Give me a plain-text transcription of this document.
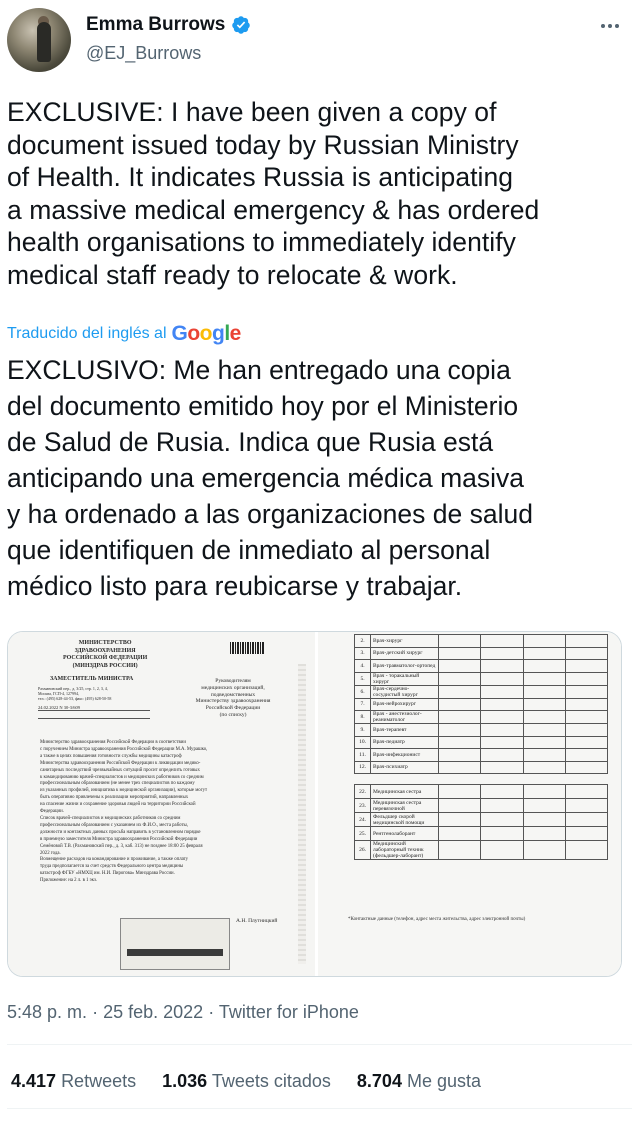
Emma Burrows
@EJ_Burrows
EXCLUSIVE: I have been given a copy of
document issued today by Russian Ministry
of Health. It indicates Russia is anticipating
a massive medical emergency & has ordered
health organisations to immediately identify
medical staff ready to relocate & work.
Traducido del inglés al Google
EXCLUSIVO: Me han entregado una copia
del documento emitido hoy por el Ministerio
de Salud de Rusia. Indica que Rusia está
anticipando una emergencia médica masiva
y ha ordenado a las organizaciones de salud
que identifiquen de inmediato al personal
médico listo para reubicarse y trabajar.
МИНИСТЕРСТВО
ЗДРАВООХРАНЕНИЯ
РОССИЙСКОЙ ФЕДЕРАЦИИ
(МИНЗДРАВ РОССИИ)
ЗАМЕСТИТЕЛЬ МИНИСТРА
Рахмановский пер., д. 3/25, стр. 1, 2, 3, 4,
Москва, ГСП-4, 127994,
тел.: (495) 628-44-53, факс: (495) 628-50-58
24.02.2022 N 30-3/609
Руководителям
медицинских организаций,
подведомственных
Министерству здравоохранения
Российской Федерации
(по списку)
Министерство здравоохранения Российской Федерации в соответствии
с поручением Министра здравоохранения Российской Федерации М.А. Мурашко,
а также в целях повышения готовности службы медицины катастроф
Министерства здравоохранения Российской Федерации к ликвидации медико-
санитарных последствий чрезвычайных ситуаций просит определить готовых
к командированию врачей-специалистов и медицинских работников со средним
профессиональным образованием (не менее трех специалистов по каждому
из указанных профилей, инициатива к медицинской организации), которые могут
быть оперативно привлечены к реализации мероприятий, направленных
на спасение жизни и сохранение здоровья людей на территории Российской
Федерации.
Список врачей-специалистов и медицинских работников со средним
профессиональным образованием с указанием их Ф.И.О., места работы,
должности и контактных данных просьба направить в установленном порядке
в приемную заместителя Министра здравоохранения Российской Федерации
Семёновой Т.В. (Рахмановский пер., д. 3, каб. 313) не позднее 18:00 25 февраля
2022 года.
Возмещение расходов на командирование и проживание, а также оплату
труда предполагается за счет средств Федерального центра медицины
катастроф ФГБУ «НМХЦ им. Н.И. Пирогова» Минздрава России.
Приложение: на 2 л. в 1 экз.
А.Н. Плутницкий

2.	Врач-хирург				
3.	Врач-детский хирург				
4.	Врач-травматолог-ортопед				
5.	Врач - торакальный хирург				
6.	Врач-сердечно-сосудистый хирург				
7.	Врач-нейрохирург				
8.	Врач - анестезиолог-реаниматолог				
9.	Врач-терапевт				
10.	Врач-педиатр				
11.	Врач-инфекционист				
12.	Врач-психиатр				

22.	Медицинская сестра				
23.	Медицинская сестра перевязочной				
24.	Фельдшер скорой медицинской помощи				
25.	Рентгенолаборант				
26.	Медицинский лабораторный техник (фельдшер-лаборант)				
*Контактные данные (телефон, адрес места жительства, адрес электронной почты)
5:48 p. m. · 25 feb. 2022 · Twitter for iPhone
4.417 Retweets 1.036 Tweets citados 8.704 Me gusta
